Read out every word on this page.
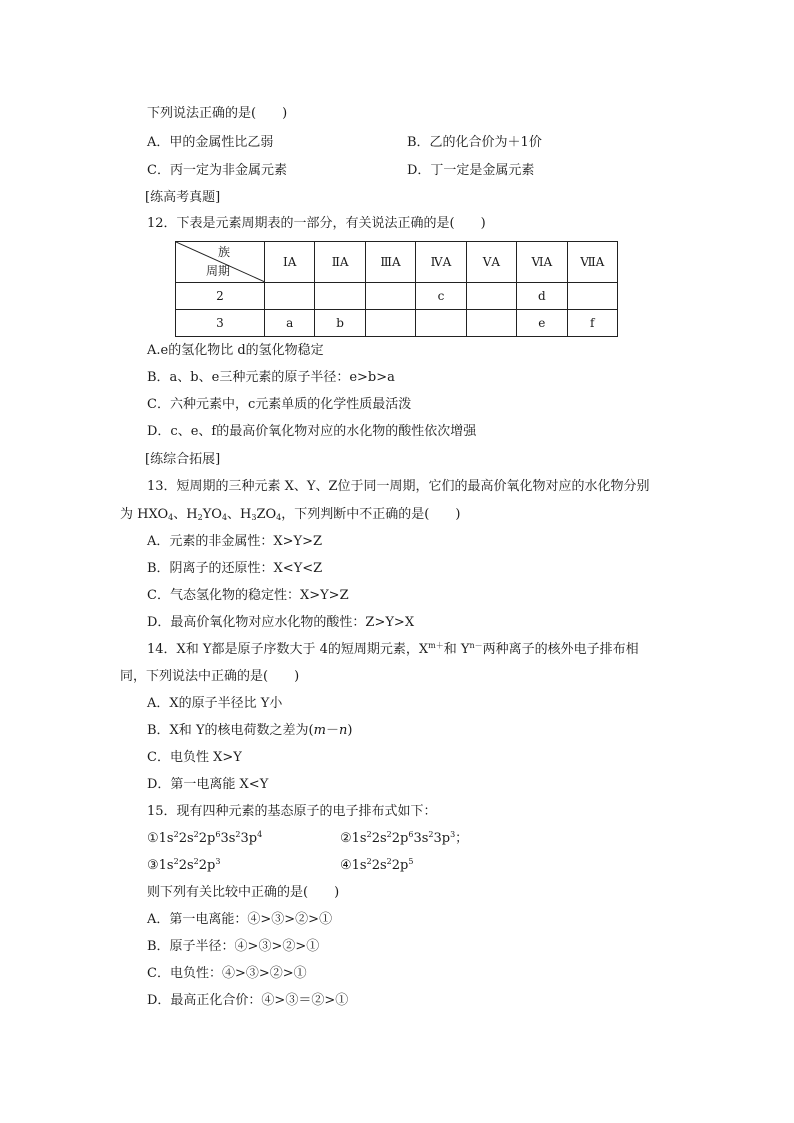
下列说法正确的是(　　)
A．甲的金属性比乙弱	B．乙的化合价为＋1价
C．丙一定为非金属元素	D．丁一定是金属元素
[练高考真题]
12．下表是元素周期表的一部分，有关说法正确的是(　　)
族
周期	ⅠA	ⅡA	ⅢA	ⅣA	ⅤA	ⅥA	ⅦA
2				c		d	
3	a	b				e	f
A.e的氢化物比 d的氢化物稳定
B．a、b、e三种元素的原子半径：e>b>a
C．六种元素中，c元素单质的化学性质最活泼
D．c、e、f的最高价氧化物对应的水化物的酸性依次增强
[练综合拓展]
13．短周期的三种元素 X、Y、Z位于同一周期，它们的最高价氧化物对应的水化物分别
为 $HXO_4$、$H_2YO_4$、$H_3ZO_4$，下列判断中不正确的是(　　)
A．元素的非金属性：X>Y>Z
B．阴离子的还原性：X<Y<Z
C．气态氢化物的稳定性：X>Y>Z
D．最高价氧化物对应水化物的酸性：Z>Y>X
14．X和 Y都是原子序数大于 4的短周期元素，$X^{m+}$和 $Y^{n-}$两种离子的核外电子排布相
同，下列说法中正确的是(　　)
A．X的原子半径比 Y小
B．X和 Y的核电荷数之差为(m－n)
C．电负性 X>Y
D．第一电离能 X<Y
15．现有四种元素的基态原子的电子排布式如下：
$①1s^22s^22p^63s^23p^4$	$②1s^22s^22p^63s^23p^3$；
$③1s^22s^22p^3$	$④1s^22s^22p^5$
则下列有关比较中正确的是(　　)
A．第一电离能：④>③>②>①
B．原子半径：④>③>②>①
C．电负性：④>③>②>①
D．最高正化合价：④>③＝②>①
